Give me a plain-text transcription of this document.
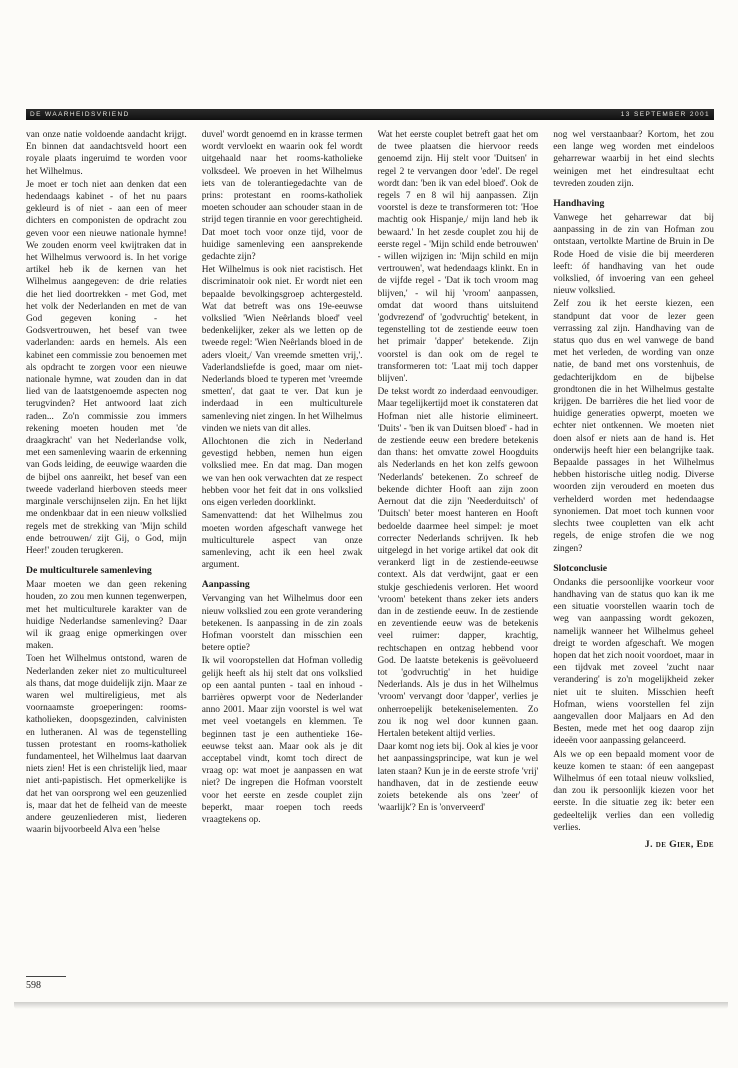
DE WAARHEIDSVRIEND	13 SEPTEMBER 2001

van onze natie voldoende aandacht krijgt. En binnen dat aandachtsveld hoort een royale plaats ingeruimd te worden voor het Wilhelmus.

Je moet er toch niet aan denken dat een hedendaags kabinet - of het nu paars gekleurd is of niet - aan een of meer dichters en componisten de opdracht zou geven voor een nieuwe nationale hymne! We zouden enorm veel kwijtraken dat in het Wilhelmus verwoord is. In het vorige artikel heb ik de kernen van het Wilhelmus aangegeven: de drie relaties die het lied doortrekken - met God, met het volk der Nederlanden en met de van God gegeven koning - het Godsvertrouwen, het besef van twee vaderlanden: aards en hemels. Als een kabinet een commissie zou benoemen met als opdracht te zorgen voor een nieuwe nationale hymne, wat zouden dan in dat lied van de laatstgenoemde aspecten nog terugvinden? Het antwoord laat zich raden... Zo'n commissie zou immers rekening moeten houden met 'de draagkracht' van het Nederlandse volk, met een samenleving waarin de erkenning van Gods leiding, de eeuwige waarden die de bijbel ons aanreikt, het besef van een tweede vaderland hierboven steeds meer marginale verschijnselen zijn. En het lijkt me ondenkbaar dat in een nieuw volkslied regels met de strekking van 'Mijn schild ende betrouwen/ zijt Gij, o God, mijn Heer!' zouden terugkeren.

De multiculturele samenleving

Maar moeten we dan geen rekening houden, zo zou men kunnen tegenwerpen, met het multiculturele karakter van de huidige Nederlandse samenleving? Daar wil ik graag enige opmerkingen over maken.

Toen het Wilhelmus ontstond, waren de Nederlanden zeker niet zo multicultureel als thans, dat moge duidelijk zijn. Maar ze waren wel multireligieus, met als voornaamste groeperingen: rooms-katholieken, doopsgezinden, calvinisten en lutheranen. Al was de tegenstelling tussen protestant en rooms-katholiek fundamenteel, het Wilhelmus laat daarvan niets zien! Het is een christelijk lied, maar niet anti-papistisch. Het opmerkelijke is dat het van oorsprong wel een geuzenlied is, maar dat het de felheid van de meeste andere geuzenliederen mist, liederen waarin bijvoorbeeld Alva een 'helse

duvel' wordt genoemd en in krasse termen wordt vervloekt en waarin ook fel wordt uitgehaald naar het rooms-katholieke volksdeel. We proeven in het Wilhelmus iets van de tolerantiegedachte van de prins: protestant en rooms-katholiek moeten schouder aan schouder staan in de strijd tegen tirannie en voor gerechtigheid. Dat moet toch voor onze tijd, voor de huidige samenleving een aansprekende gedachte zijn?

Het Wilhelmus is ook niet racistisch. Het discriminatoir ook niet. Er wordt niet een bepaalde bevolkingsgroep achtergesteld. Wat dat betreft was ons 19e-eeuwse volkslied 'Wien Neêrlands bloed' veel bedenkelijker, zeker als we letten op de tweede regel: 'Wien Neêrlands bloed in de aders vloeit,/ Van vreemde smetten vrij,'. Vaderlandsliefde is goed, maar om niet-Nederlands bloed te typeren met 'vreemde smetten', dat gaat te ver. Dat kun je inderdaad in een multiculturele samenleving niet zingen. In het Wilhelmus vinden we niets van dit alles.

Allochtonen die zich in Nederland gevestigd hebben, nemen hun eigen volkslied mee. En dat mag. Dan mogen we van hen ook verwachten dat ze respect hebben voor het feit dat in ons volkslied ons eigen verleden doorklinkt.

Samenvattend: dat het Wilhelmus zou moeten worden afgeschaft vanwege het multiculturele aspect van onze samenleving, acht ik een heel zwak argument.

Aanpassing

Vervanging van het Wilhelmus door een nieuw volkslied zou een grote verandering betekenen. Is aanpassing in de zin zoals Hofman voorstelt dan misschien een betere optie?

Ik wil vooropstellen dat Hofman volledig gelijk heeft als hij stelt dat ons volkslied op een aantal punten - taal en inhoud - barrières opwerpt voor de Nederlander anno 2001. Maar zijn voorstel is wel wat met veel voetangels en klemmen. Te beginnen tast je een authentieke 16e-eeuwse tekst aan. Maar ook als je dit acceptabel vindt, komt toch direct de vraag op: wat moet je aanpassen en wat niet? De ingrepen die Hofman voorstelt voor het eerste en zesde couplet zijn beperkt, maar roepen toch reeds vraagtekens op.

Wat het eerste couplet betreft gaat het om de twee plaatsen die hiervoor reeds genoemd zijn. Hij stelt voor 'Duitsen' in regel 2 te vervangen door 'edel'. De regel wordt dan: 'ben ik van edel bloed'. Ook de regels 7 en 8 wil hij aanpassen. Zijn voorstel is deze te transformeren tot: 'Hoe machtig ook Hispanje,/ mijn land heb ik bewaard.' In het zesde couplet zou hij de eerste regel - 'Mijn schild ende betrouwen' - willen wijzigen in: 'Mijn schild en mijn vertrouwen', wat hedendaags klinkt. En in de vijfde regel - 'Dat ik toch vroom mag blijven,' - wil hij 'vroom' aanpassen, omdat dat woord thans uitsluitend 'godvrezend' of 'godvruchtig' betekent, in tegenstelling tot de zestiende eeuw toen het primair 'dapper' betekende. Zijn voorstel is dan ook om de regel te transformeren tot: 'Laat mij toch dapper blijven'.

De tekst wordt zo inderdaad eenvoudiger. Maar tegelijkertijd moet ik constateren dat Hofman niet alle historie elimineert. 'Duits' - 'ben ik van Duitsen bloed' - had in de zestiende eeuw een bredere betekenis dan thans: het omvatte zowel Hoogduits als Nederlands en het kon zelfs gewoon 'Nederlands' betekenen. Zo schreef de bekende dichter Hooft aan zijn zoon Aernout dat die zijn 'Neederduitsch' of 'Duitsch' beter moest hanteren en Hooft bedoelde daarmee heel simpel: je moet correcter Nederlands schrijven. Ik heb uitgelegd in het vorige artikel dat ook dit verankerd ligt in de zestiende-eeuwse context. Als dat verdwijnt, gaat er een stukje geschiedenis verloren. Het woord 'vroom' betekent thans zeker iets anders dan in de zestiende eeuw. In de zestiende en zeventiende eeuw was de betekenis veel ruimer: dapper, krachtig, rechtschapen en ontzag hebbend voor God. De laatste betekenis is geëvolueerd tot 'godvruchtig' in het huidige Nederlands. Als je dus in het Wilhelmus 'vroom' vervangt door 'dapper', verlies je onherroepelijk betekeniselementen. Zo zou ik nog wel door kunnen gaan. Hertalen betekent altijd verlies.

Daar komt nog iets bij. Ook al kies je voor het aanpassingsprincipe, wat kun je wel laten staan? Kun je in de eerste strofe 'vrij' handhaven, dat in de zestiende eeuw zoiets betekende als ons 'zeer' of 'waarlijk'? En is 'onverveerd'

nog wel verstaanbaar? Kortom, het zou een lange weg worden met eindeloos geharrewar waarbij in het eind slechts weinigen met het eindresultaat echt tevreden zouden zijn.

Handhaving

Vanwege het geharrewar dat bij aanpassing in de zin van Hofman zou ontstaan, vertolkte Martine de Bruin in De Rode Hoed de visie die bij meerderen leeft: óf handhaving van het oude volkslied, óf invoering van een geheel nieuw volkslied.

Zelf zou ik het eerste kiezen, een standpunt dat voor de lezer geen verrassing zal zijn. Handhaving van de status quo dus en wel vanwege de band met het verleden, de wording van onze natie, de band met ons vorstenhuis, de gedachterijkdom en de bijbelse grondtonen die in het Wilhelmus gestalte krijgen. De barrières die het lied voor de huidige generaties opwerpt, moeten we echter niet ontkennen. We moeten niet doen alsof er niets aan de hand is. Het onderwijs heeft hier een belangrijke taak. Bepaalde passages in het Wilhelmus hebben historische uitleg nodig. Diverse woorden zijn verouderd en moeten dus verhelderd worden met hedendaagse synoniemen. Dat moet toch kunnen voor slechts twee coupletten van elk acht regels, de enige strofen die we nog zingen?

Slotconclusie

Ondanks die persoonlijke voorkeur voor handhaving van de status quo kan ik me een situatie voorstellen waarin toch de weg van aanpassing wordt gekozen, namelijk wanneer het Wilhelmus geheel dreigt te worden afgeschaft. We mogen hopen dat het zich nooit voordoet, maar in een tijdvak met zoveel 'zucht naar verandering' is zo'n mogelijkheid zeker niet uit te sluiten. Misschien heeft Hofman, wiens voorstellen fel zijn aangevallen door Maljaars en Ad den Besten, mede met het oog daarop zijn ideeën voor aanpassing gelanceerd.

Als we op een bepaald moment voor de keuze komen te staan: óf een aangepast Wilhelmus óf een totaal nieuw volkslied, dan zou ik persoonlijk kiezen voor het eerste. In die situatie zeg ik: beter een gedeeltelijk verlies dan een volledig verlies.

J. de Gier, Ede

598
